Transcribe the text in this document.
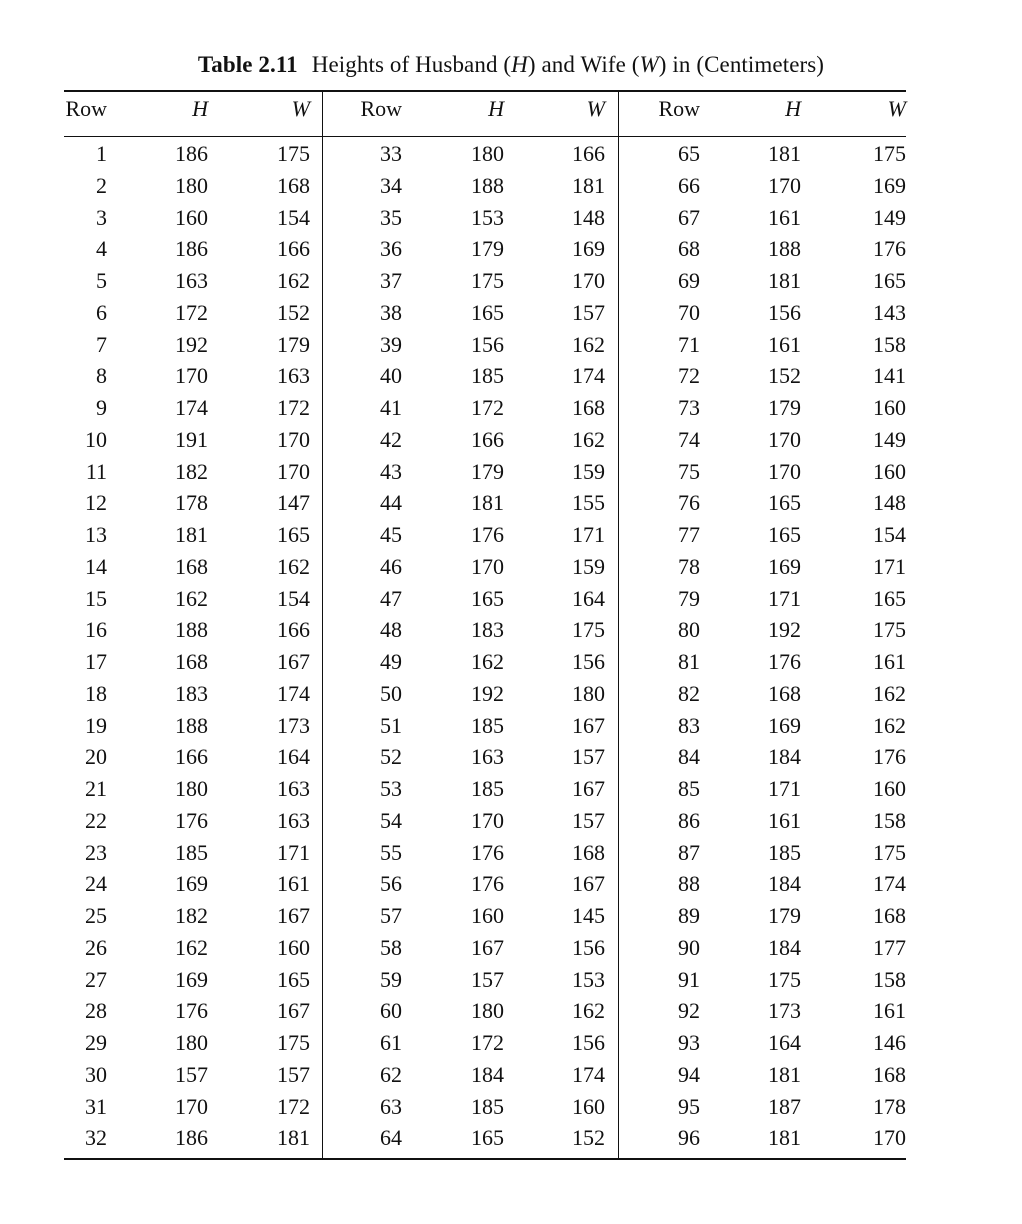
Table 2.11 Heights of Husband (H) and Wife (W) in (Centimeters)
Row	H	W	Row	H	W	Row	H	W
1	186	175	33	180	166	65	181	175
2	180	168	34	188	181	66	170	169
3	160	154	35	153	148	67	161	149
4	186	166	36	179	169	68	188	176
5	163	162	37	175	170	69	181	165
6	172	152	38	165	157	70	156	143
7	192	179	39	156	162	71	161	158
8	170	163	40	185	174	72	152	141
9	174	172	41	172	168	73	179	160
10	191	170	42	166	162	74	170	149
11	182	170	43	179	159	75	170	160
12	178	147	44	181	155	76	165	148
13	181	165	45	176	171	77	165	154
14	168	162	46	170	159	78	169	171
15	162	154	47	165	164	79	171	165
16	188	166	48	183	175	80	192	175
17	168	167	49	162	156	81	176	161
18	183	174	50	192	180	82	168	162
19	188	173	51	185	167	83	169	162
20	166	164	52	163	157	84	184	176
21	180	163	53	185	167	85	171	160
22	176	163	54	170	157	86	161	158
23	185	171	55	176	168	87	185	175
24	169	161	56	176	167	88	184	174
25	182	167	57	160	145	89	179	168
26	162	160	58	167	156	90	184	177
27	169	165	59	157	153	91	175	158
28	176	167	60	180	162	92	173	161
29	180	175	61	172	156	93	164	146
30	157	157	62	184	174	94	181	168
31	170	172	63	185	160	95	187	178
32	186	181	64	165	152	96	181	170
